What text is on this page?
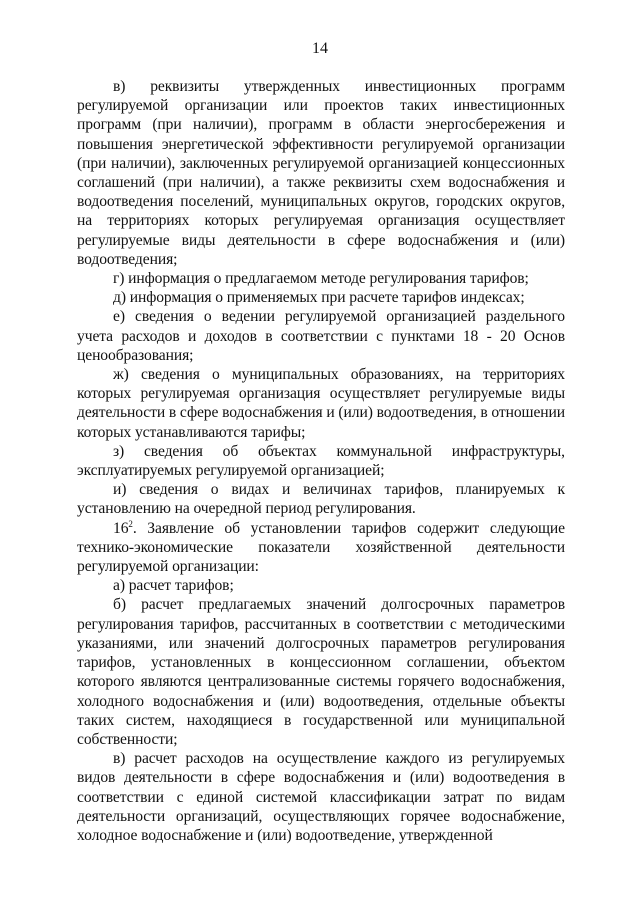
14

в) реквизиты утвержденных инвестиционных программ регулируемой организации или проектов таких инвестиционных программ (при наличии), программ в области энергосбережения и повышения энергетической эффективности регулируемой организации (при наличии), заключенных регулируемой организацией концессионных соглашений (при наличии), а также реквизиты схем водоснабжения и водоотведения поселений, муниципальных округов, городских округов, на территориях которых регулируемая организация осуществляет регулируемые виды деятельности в сфере водоснабжения и (или) водоотведения;

г) информация о предлагаемом методе регулирования тарифов;

д) информация о применяемых при расчете тарифов индексах;

е) сведения о ведении регулируемой организацией раздельного учета расходов и доходов в соответствии с пунктами 18 - 20 Основ ценообразования;

ж) сведения о муниципальных образованиях, на территориях которых регулируемая организация осуществляет регулируемые виды деятельности в сфере водоснабжения и (или) водоотведения, в отношении которых устанавливаются тарифы;

з) сведения об объектах коммунальной инфраструктуры, эксплуатируемых регулируемой организацией;

и) сведения о видах и величинах тарифов, планируемых к установлению на очередной период регулирования.

$16^2$. Заявление об установлении тарифов содержит следующие технико-экономические показатели хозяйственной деятельности регулируемой организации:

а) расчет тарифов;

б) расчет предлагаемых значений долгосрочных параметров регулирования тарифов, рассчитанных в соответствии с методическими указаниями, или значений долгосрочных параметров регулирования тарифов, установленных в концессионном соглашении, объектом которого являются централизованные системы горячего водоснабжения, холодного водоснабжения и (или) водоотведения, отдельные объекты таких систем, находящиеся в государственной или муниципальной собственности;

в) расчет расходов на осуществление каждого из регулируемых видов деятельности в сфере водоснабжения и (или) водоотведения в соответствии с единой системой классификации затрат по видам деятельности организаций, осуществляющих горячее водоснабжение, холодное водоснабжение и (или) водоотведение, утвержденной
